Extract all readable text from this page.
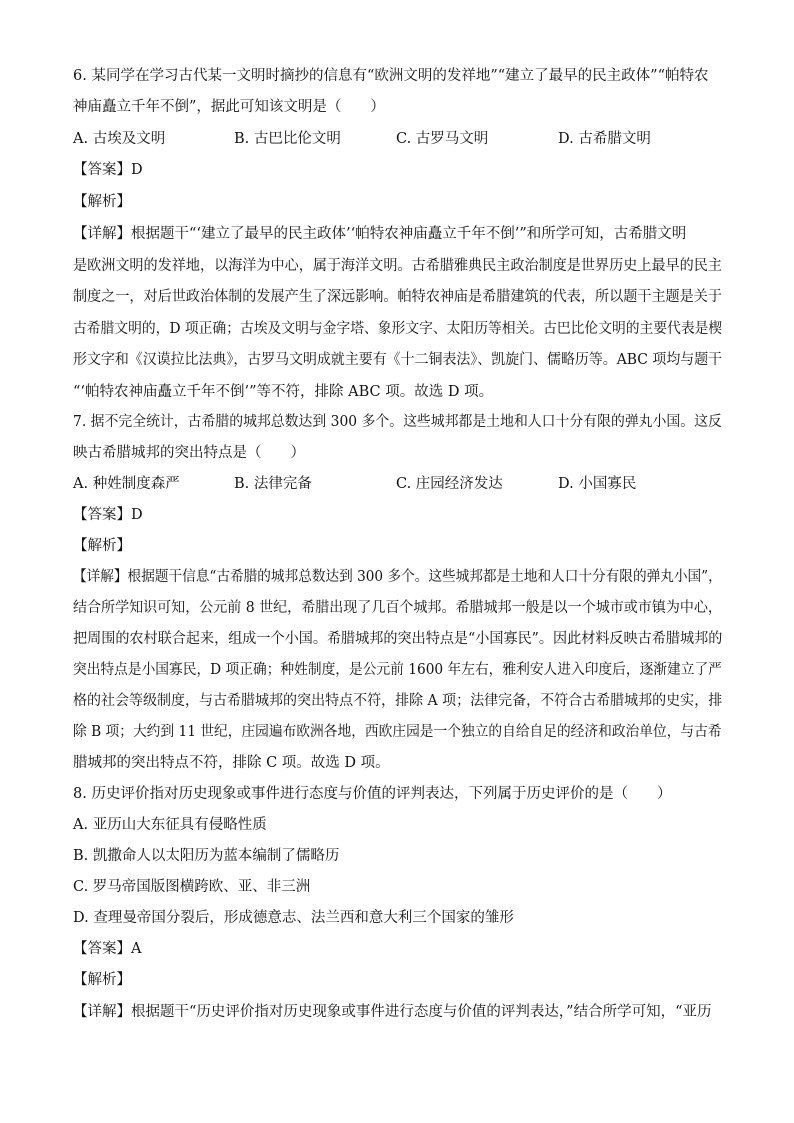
6. 某同学在学习古代某一文明时摘抄的信息有“欧洲文明的发祥地”“建立了最早的民主政体”“帕特农
神庙矗立千年不倒”，据此可知该文明是（　　）
A. 古埃及文明	B. 古巴比伦文明	C. 古罗马文明	D. 古希腊文明
【答案】D
【解析】
【详解】根据题干“‘建立了最早的民主政体’‘帕特农神庙矗立千年不倒’”和所学可知，古希腊文明
是欧洲文明的发祥地，以海洋为中心，属于海洋文明。古希腊雅典民主政治制度是世界历史上最早的民主
制度之一，对后世政治体制的发展产生了深远影响。帕特农神庙是希腊建筑的代表，所以题干主题是关于
古希腊文明的，D 项正确；古埃及文明与金字塔、象形文字、太阳历等相关。古巴比伦文明的主要代表是楔
形文字和《汉谟拉比法典》，古罗马文明成就主要有《十二铜表法》、凯旋门、儒略历等。ABC 项均与题干
“‘帕特农神庙矗立千年不倒’”等不符，排除 ABC 项。故选 D 项。
7. 据不完全统计，古希腊的城邦总数达到 300 多个。这些城邦都是土地和人口十分有限的弹丸小国。这反
映古希腊城邦的突出特点是（　　）
A. 种姓制度森严	B. 法律完备	C. 庄园经济发达	D. 小国寡民
【答案】D
【解析】
【详解】根据题干信息“古希腊的城邦总数达到 300 多个。这些城邦都是土地和人口十分有限的弹丸小国”，
结合所学知识可知，公元前 8 世纪，希腊出现了几百个城邦。希腊城邦一般是以一个城市或市镇为中心，
把周围的农村联合起来，组成一个小国。希腊城邦的突出特点是“小国寡民”。因此材料反映古希腊城邦的
突出特点是小国寡民，D 项正确；种姓制度，是公元前 1600 年左右，雅利安人进入印度后，逐渐建立了严
格的社会等级制度，与古希腊城邦的突出特点不符，排除 A 项；法律完备，不符合古希腊城邦的史实，排
除 B 项；大约到 11 世纪，庄园遍布欧洲各地，西欧庄园是一个独立的自给自足的经济和政治单位，与古希
腊城邦的突出特点不符，排除 C 项。故选 D 项。
8. 历史评价指对历史现象或事件进行态度与价值的评判表达，下列属于历史评价的是（　　）
A. 亚历山大东征具有侵略性质
B. 凯撒命人以太阳历为蓝本编制了儒略历
C. 罗马帝国版图横跨欧、亚、非三洲
D. 查理曼帝国分裂后，形成德意志、法兰西和意大利三个国家的雏形
【答案】A
【解析】
【详解】根据题干“历史评价指对历史现象或事件进行态度与价值的评判表达，”结合所学可知，“亚历
